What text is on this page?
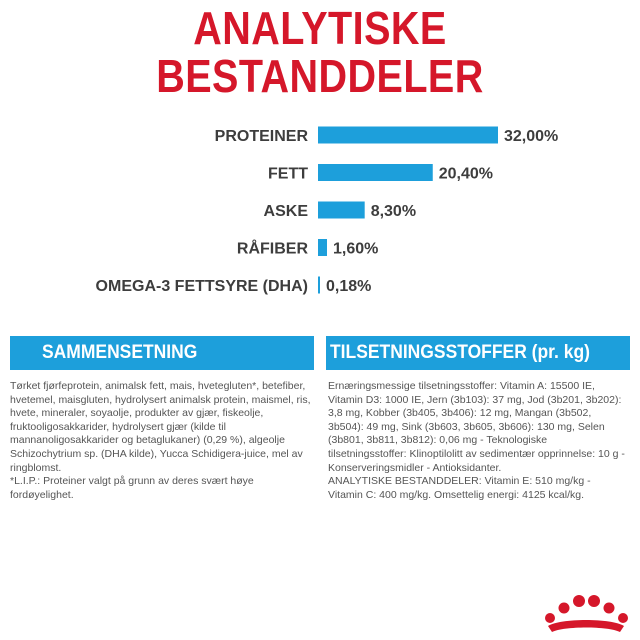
ANALYTISKE BESTANDDELER
PROTEINER	32,00%
FETT	20,40%
ASKE	8,30%
RÅFIBER 1,60%
OMEGA-3 FETTSYRE (DHA) 0,18%
SAMMENSETNING

Tørket fjørfeprotein, animalsk fett, mais, hvetegluten*, betefiber, hvetemel, maisgluten, hydrolysert animalsk protein, maismel, ris, hvete, mineraler, soyaolje, produkter av gjær, fiskeolje, fruktooligosakkarider, hydrolysert gjær (kilde til mannanoligosakkarider og betaglukaner) (0,29 %), algeolje Schizochytrium sp. (DHA kilde), Yucca Schidigera-juice, mel av ringblomst.

*L.I.P.: Proteiner valgt på grunn av deres svært høye fordøyelighet.

TILSETNINGSSTOFFER (pr. kg)

Ernæringsmessige tilsetningsstoffer: Vitamin A: 15500 IE, Vitamin D3: 1000 IE, Jern (3b103): 37 mg, Jod (3b201, 3b202): 3,8 mg, Kobber (3b405, 3b406): 12 mg, Mangan (3b502, 3b504): 49 mg, Sink (3b603, 3b605, 3b606): 130 mg, Selen (3b801, 3b811, 3b812): 0,06 mg - Teknologiske tilsetningsstoffer: Klinoptilolitt av sedimentær opprinnelse: 10 g - Konserveringsmidler - Antioksidanter.

ANALYTISKE BESTANDDELER: Vitamin E: 510 mg/kg - Vitamin C: 400 mg/kg. Omsettelig energi: 4125 kcal/kg.
